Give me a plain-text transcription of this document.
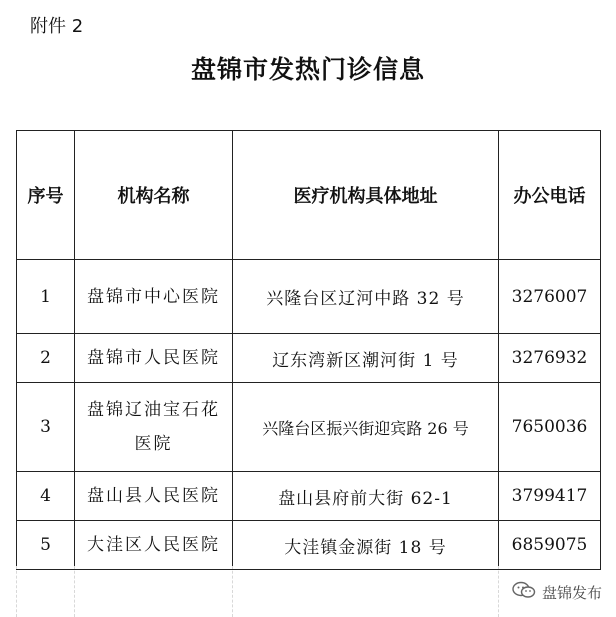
附件 2
盘锦市发热门诊信息
序号	机构名称	医疗机构具体地址	办公电话
1	盘锦市中心医院	兴隆台区辽河中路 32 号	3276007
2	盘锦市人民医院	辽东湾新区潮河街 1 号	3276932
3	盘锦辽油宝石花医院	兴隆台区振兴街迎宾路 26 号	7650036
4	盘山县人民医院	盘山县府前大街 62-1	3799417
5	大洼区人民医院	大洼镇金源街 18 号	6859075
盘锦发布
